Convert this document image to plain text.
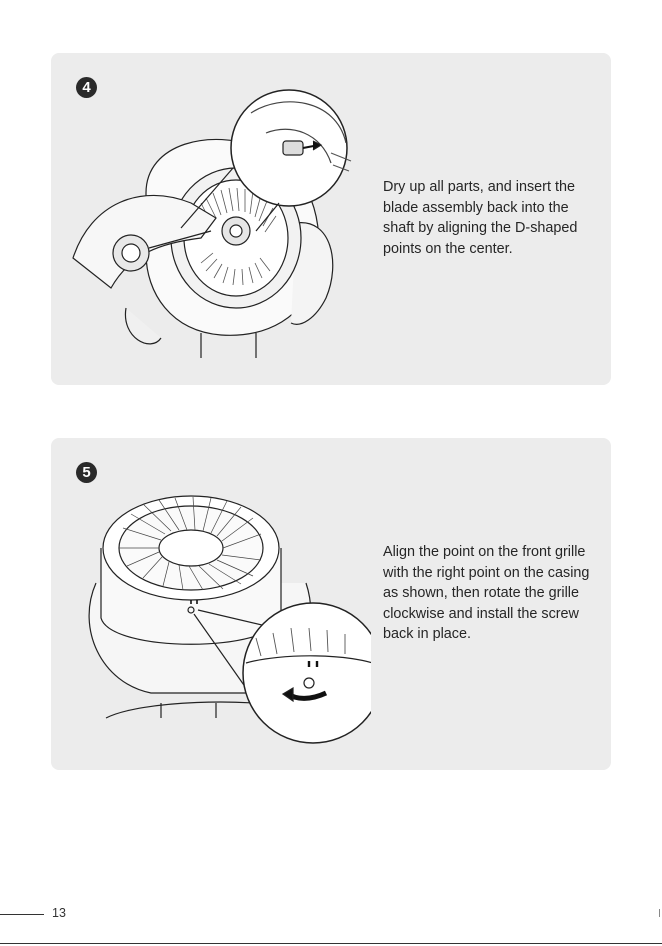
4
Dry up all parts, and insert the blade assembly back into the shaft by aligning the D-shaped points on the center.
5
Align the point on the front grille with the right point on the casing as shown, then rotate the grille clockwise and install the screw back in place.
13
